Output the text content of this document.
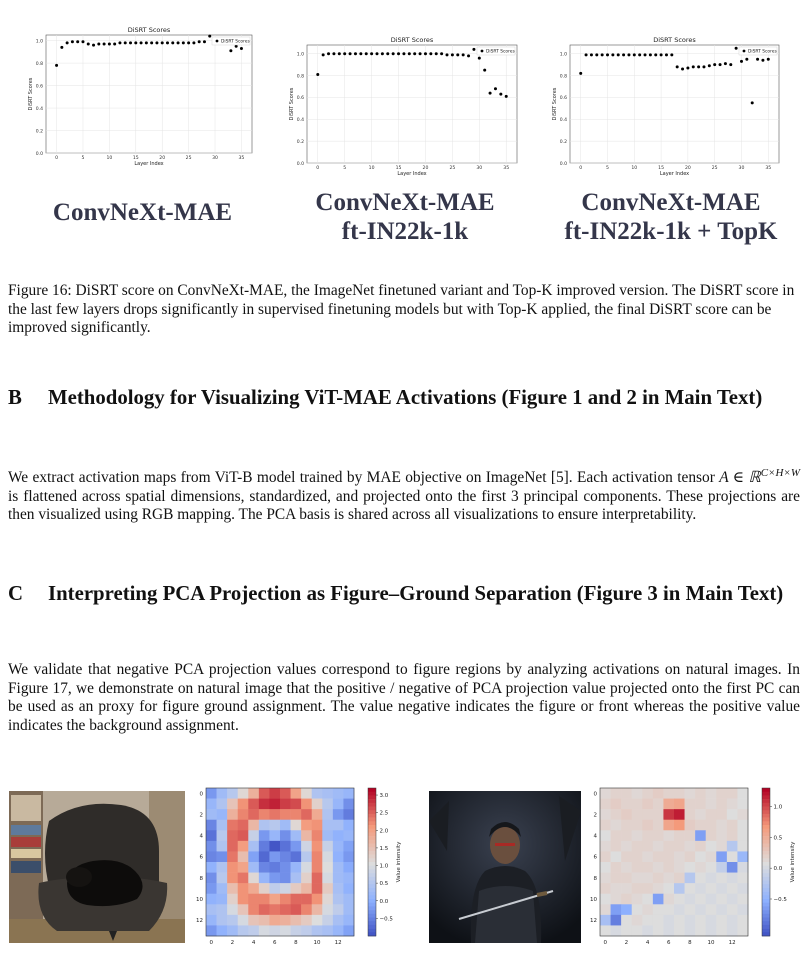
DiSRT Scores
0.0
0.2
0.4
0.6
0.8
1.0
0	5	10	15	20	25	30	35
Layer Index
DiSRT Scores
DiSRT Scores	DiSRT Scores
0.0
0.2
0.4
0.6
0.8
1.0
0	5	10	15	20	25	30	35
Layer Index
DiSRT Scores
DiSRT Scores
DiSRT Scores
0.0
0.2
0.4
0.6
0.8
1.0
0	5	10	15	20	25	30	35
Layer Index
DiSRT Scores
DiSRT Scores
ConvNeXt-MAE	ConvNeXt-MAE
ft-IN22k-1k
ConvNeXt-MAE
ft-IN22k-1k + TopK
Figure 16: DiSRT score on ConvNeXt-MAE, the ImageNet finetuned variant and Top-K improved version. The DiSRT score in the last few layers drops significantly in supervised finetuning models but with Top-K applied, the final DiSRT score can be improved significantly.
B Methodology for Visualizing ViT-MAE Activations (Figure 1 and 2 in Main Text)
We extract activation maps from ViT-B model trained by MAE objective on ImageNet [5]. Each activation tensor A ∈ ℝ$^{C\times H\times W}$ is flattened across spatial dimensions, standardized, and projected onto the first 3 principal components. These projections are then visualized using RGB mapping. The PCA basis is shared across all visualizations to ensure interpretability.
C Interpreting PCA Projection as Figure–Ground Separation (Figure 3 in Main Text)
We validate that negative PCA projection values correspond to figure regions by analyzing activations on natural images. In Figure 17, we demonstrate on natural image that the positive / negative of PCA projection value projected onto the first PC can be used as an proxy for figure ground assignment. The value negative indicates the figure or front whereas the positive value indicates the background assignment.
0
2
4
6
8
10
12
0	2	4	6	8	10	12
3.0
2.5
2.0
1.5
1.0
0.5
0.0
−0.5
Value intensity
0
2
4
6
8
10
12
0	2	4	6	8	10	12
1.0
0.5
0.0
−0.5
Value intensity
